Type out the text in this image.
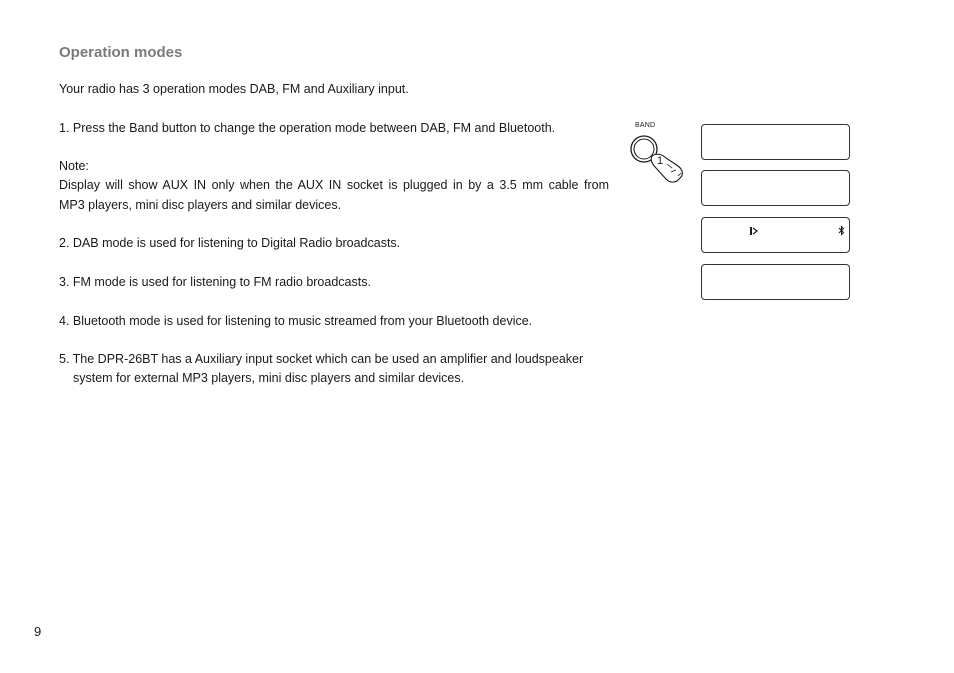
Operation modes

Your radio has 3 operation modes DAB, FM and Auxiliary input.

1. Press the Band button to change the operation mode between DAB, FM and Bluetooth.

Note:

Display will show AUX IN only when the AUX IN socket is plugged in by a 3.5 mm cable from
MP3 players, mini disc players and similar devices.

2. DAB mode is used for listening to Digital Radio broadcasts.

3. FM mode is used for listening to FM radio broadcasts.

4. Bluetooth mode is used for listening to music streamed from your Bluetooth device.

5. The DPR-26BT has a Auxiliary input socket which can be used an amplifier and loudspeaker

system for external MP3 players, mini disc players and similar devices.

BAND
1
9
